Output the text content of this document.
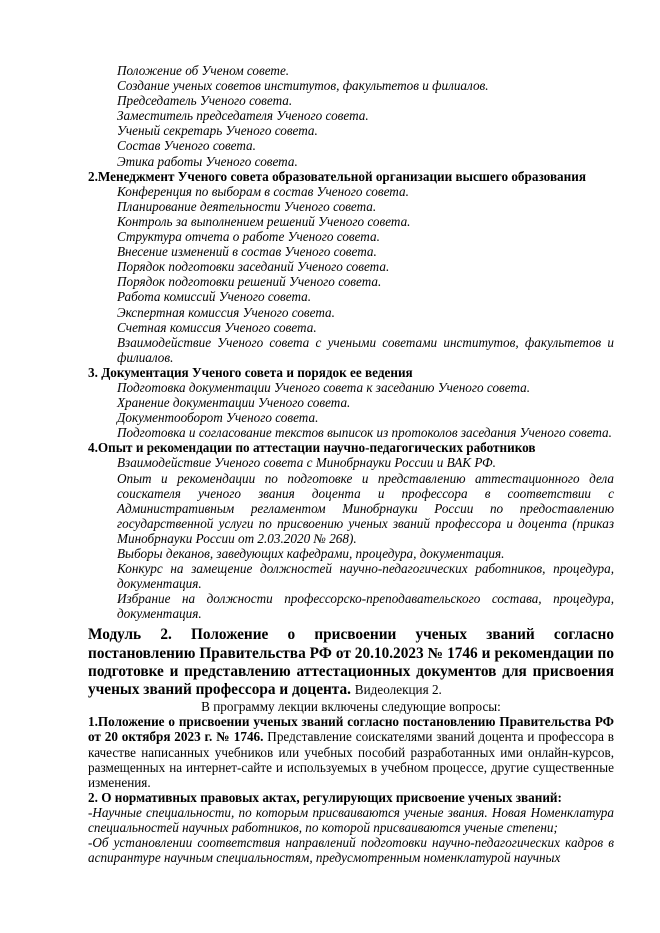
Положение об Ученом совете.
Создание ученых советов институтов, факультетов и филиалов.
Председатель Ученого совета.
Заместитель председателя Ученого совета.
Ученый секретарь Ученого совета.
Состав Ученого совета.
Этика работы Ученого совета.
2.Менеджмент Ученого совета образовательной организации высшего образования
Конференция по выборам в состав Ученого совета.
Планирование деятельности Ученого совета.
Контроль за выполнением решений Ученого совета.
Структура отчета о работе Ученого совета.
Внесение изменений в состав Ученого совета.
Порядок подготовки заседаний Ученого совета.
Порядок подготовки решений Ученого совета.
Работа комиссий Ученого совета.
Экспертная комиссия Ученого совета.
Счетная комиссия Ученого совета.
Взаимодействие Ученого совета с учеными советами институтов, факультетов и филиалов.
3. Документация Ученого совета и порядок ее ведения
Подготовка документации Ученого совета к заседанию Ученого совета.
Хранение документации Ученого совета.
Документооборот Ученого совета.
Подготовка и согласование текстов выписок из протоколов заседания Ученого совета.
4.Опыт и рекомендации по аттестации научно-педагогических работников
Взаимодействие Ученого совета с Минобрнауки России и ВАК РФ.
Опыт и рекомендации по подготовке и представлению аттестационного дела соискателя ученого звания доцента и профессора в соответствии с Административным регламентом Минобрнауки России по предоставлению государственной услуги по присвоению ученых званий профессора и доцента (приказ Минобрнауки России от 2.03.2020 № 268).
Выборы деканов, заведующих кафедрами, процедура, документация.
Конкурс на замещение должностей научно-педагогических работников, процедура, документация.
Избрание на должности профессорско-преподавательского состава, процедура, документация.
Модуль 2. Положение о присвоении ученых званий согласно постановлению Правительства РФ от 20.10.2023 № 1746 и рекомендации по подготовке и представлению аттестационных документов для присвоения ученых званий профессора и доцента. Видеолекция 2.
В программу лекции включены следующие вопросы:
1.Положение о присвоении ученых званий согласно постановлению Правительства РФ от 20 октября 2023 г. № 1746. Представление соискателями званий доцента и профессора в качестве написанных учебников или учебных пособий разработанных ими онлайн-курсов, размещенных на интернет-сайте и используемых в учебном процессе, другие существенные изменения.
2. О нормативных правовых актах, регулирующих присвоение ученых званий:
-Научные специальности, по которым присваиваются ученые звания. Новая Номенклатура специальностей научных работников, по которой присваиваются ученые степени;
-Об установлении соответствия направлений подготовки научно-педагогических кадров в аспирантуре научным специальностям, предусмотренным номенклатурой научных
